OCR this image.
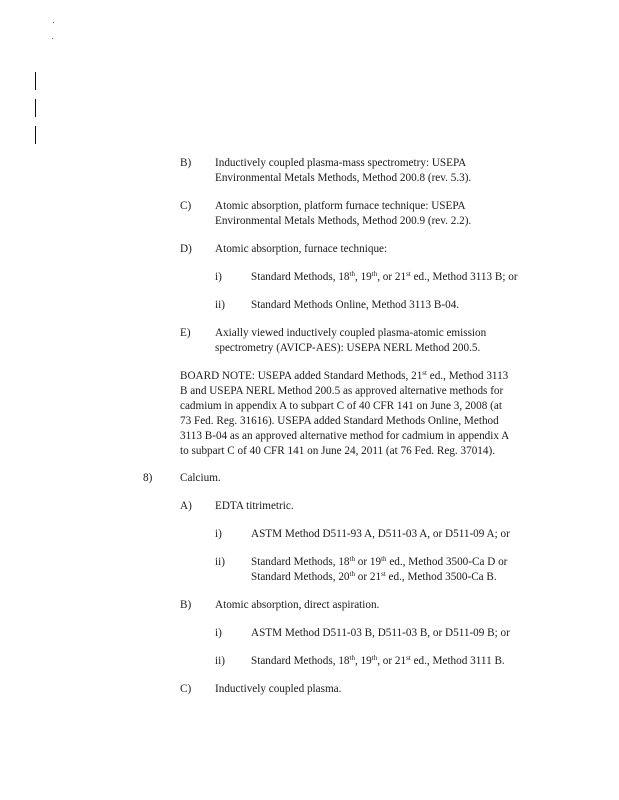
B) Inductively coupled plasma-mass spectrometry: USEPA
Environmental Metals Methods, Method 200.8 (rev. 5.3).
C) Atomic absorption, platform furnace technique: USEPA
Environmental Metals Methods, Method 200.9 (rev. 2.2).
D) Atomic absorption, furnace technique:
i)	Standard Methods, 18th, 19th, or 21st ed., Method 3113 B; or
ii) Standard Methods Online, Method 3113 B-04.
E) Axially viewed inductively coupled plasma-atomic emission
spectrometry (AVICP-AES): USEPA NERL Method 200.5.
BOARD NOTE: USEPA added Standard Methods, 21st ed., Method 3113
B and USEPA NERL Method 200.5 as approved alternative methods for
cadmium in appendix A to subpart C of 40 CFR 141 on June 3, 2008 (at
73 Fed. Reg. 31616). USEPA added Standard Methods Online, Method
3113 B-04 as an approved alternative method for cadmium in appendix A
to subpart C of 40 CFR 141 on June 24, 2011 (at 76 Fed. Reg. 37014).
8) Calcium.
A) EDTA titrimetric.
i)	ASTM Method D511-93 A, D511-03 A, or D511-09 A; or
ii) Standard Methods, 18th or 19th ed., Method 3500-Ca D or
Standard Methods, 20th or 21st ed., Method 3500-Ca B.
B) Atomic absorption, direct aspiration.
i)	ASTM Method D511-03 B, D511-03 B, or D511-09 B; or
ii) Standard Methods, 18th, 19th, or 21st ed., Method 3111 B.
C) Inductively coupled plasma.
